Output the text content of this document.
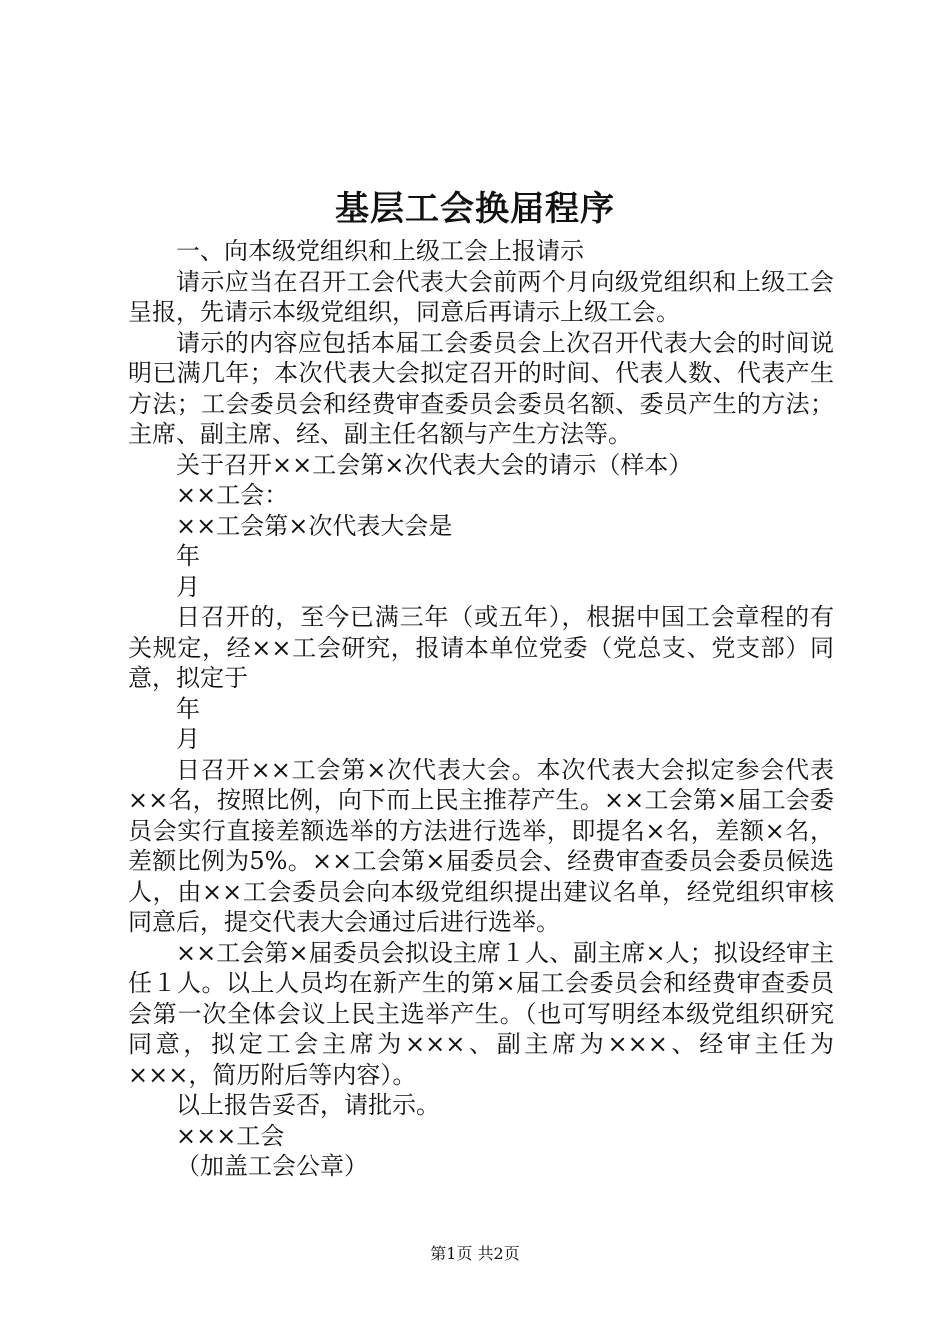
基层工会换届程序

一、向本级党组织和上级工会上报请示

请示应当在召开工会代表大会前两个月向级党组织和上级工会呈报，先请示本级党组织，同意后再请示上级工会。

请示的内容应包括本届工会委员会上次召开代表大会的时间说明已满几年；本次代表大会拟定召开的时间、代表人数、代表产生方法；工会委员会和经费审查委员会委员名额、委员产生的方法；主席、副主席、经、副主任名额与产生方法等。

关于召开××工会第×次代表大会的请示（样本）

××工会：

××工会第×次代表大会是

年

月

日召开的，至今已满三年（或五年），根据中国工会章程的有关规定，经××工会研究，报请本单位党委（党总支、党支部）同意，拟定于

年

月

日召开××工会第×次代表大会。本次代表大会拟定参会代表××名，按照比例，向下而上民主推荐产生。××工会第×届工会委员会实行直接差额选举的方法进行选举，即提名×名，差额×名，差额比例为5%。××工会第×届委员会、经费审查委员会委员候选人，由××工会委员会向本级党组织提出建议名单，经党组织审核同意后，提交代表大会通过后进行选举。

××工会第×届委员会拟设主席１人、副主席×人；拟设经审主任１人。以上人员均在新产生的第×届工会委员会和经费审查委员会第一次全体会议上民主选举产生。（也可写明经本级党组织研究同意，拟定工会主席为×××、副主席为×××、经审主任为×××，简历附后等内容）。

以上报告妥否，请批示。

×××工会

（加盖工会公章）

第1页 共2页
